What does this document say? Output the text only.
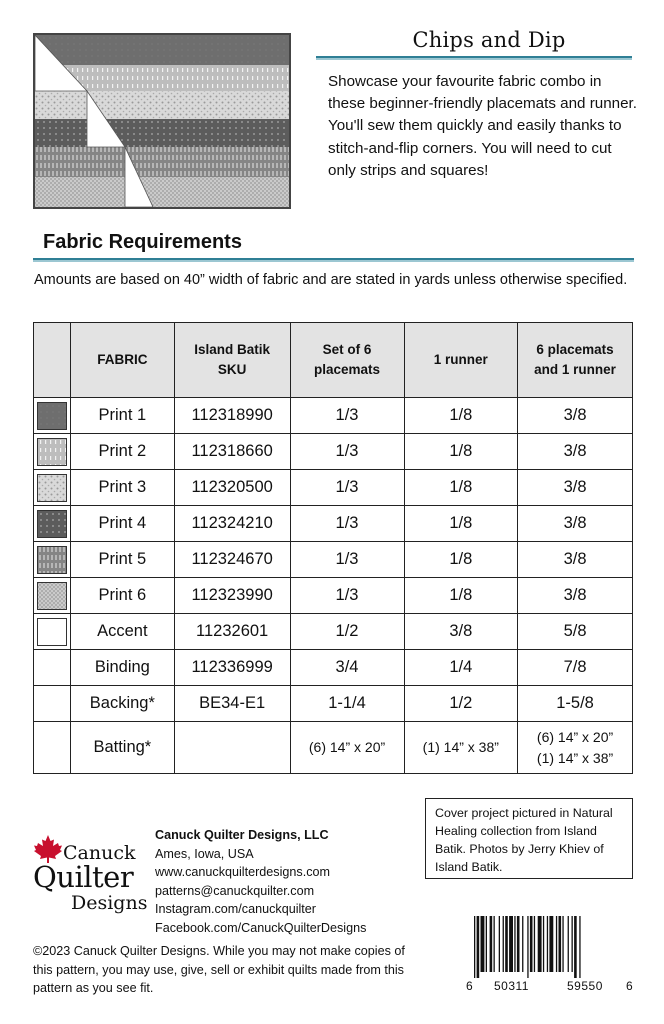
Chips and Dip
Showcase your favourite fabric combo in these beginner-friendly placemats and runner. You'll sew them quickly and easily thanks to stitch-and-flip corners. You will need to cut only strips and squares!
Fabric Requirements
Amounts are based on 40” width of fabric and are stated in yards unless otherwise specified.
	FABRIC	Island Batik SKU	Set of 6 placemats	1 runner	6 placemats and 1 runner
	Print 1	112318990	1/3	1/8	3/8
	Print 2	112318660	1/3	1/8	3/8
	Print 3	112320500	1/3	1/8	3/8
	Print 4	112324210	1/3	1/8	3/8
	Print 5	112324670	1/3	1/8	3/8
	Print 6	112323990	1/3	1/8	3/8
	Accent	11232601	1/2	3/8	5/8
	Binding	112336999	3/4	1/4	7/8
	Backing*	BE34-E1	1-1/4	1/2	1-5/8
	Batting*		(6) 14” x 20”	(1) 14” x 38”	(6) 14” x 20”
(1) 14” x 38”
Cover project pictured in Natural Healing collection from Island Batik. Photos by Jerry Khiev of Island Batik.
Canuck
Quilter
Designs
Canuck Quilter Designs, LLC
Ames, Iowa, USA
www.canuckquilterdesigns.com
patterns@canuckquilter.com
Instagram.com/canuckquilter
Facebook.com/CanuckQuilterDesigns
©2023 Canuck Quilter Designs. While you may not make copies of this pattern, you may use, give, sell or exhibit quilts made from this pattern as you see fit.	6 50311	59550 6
